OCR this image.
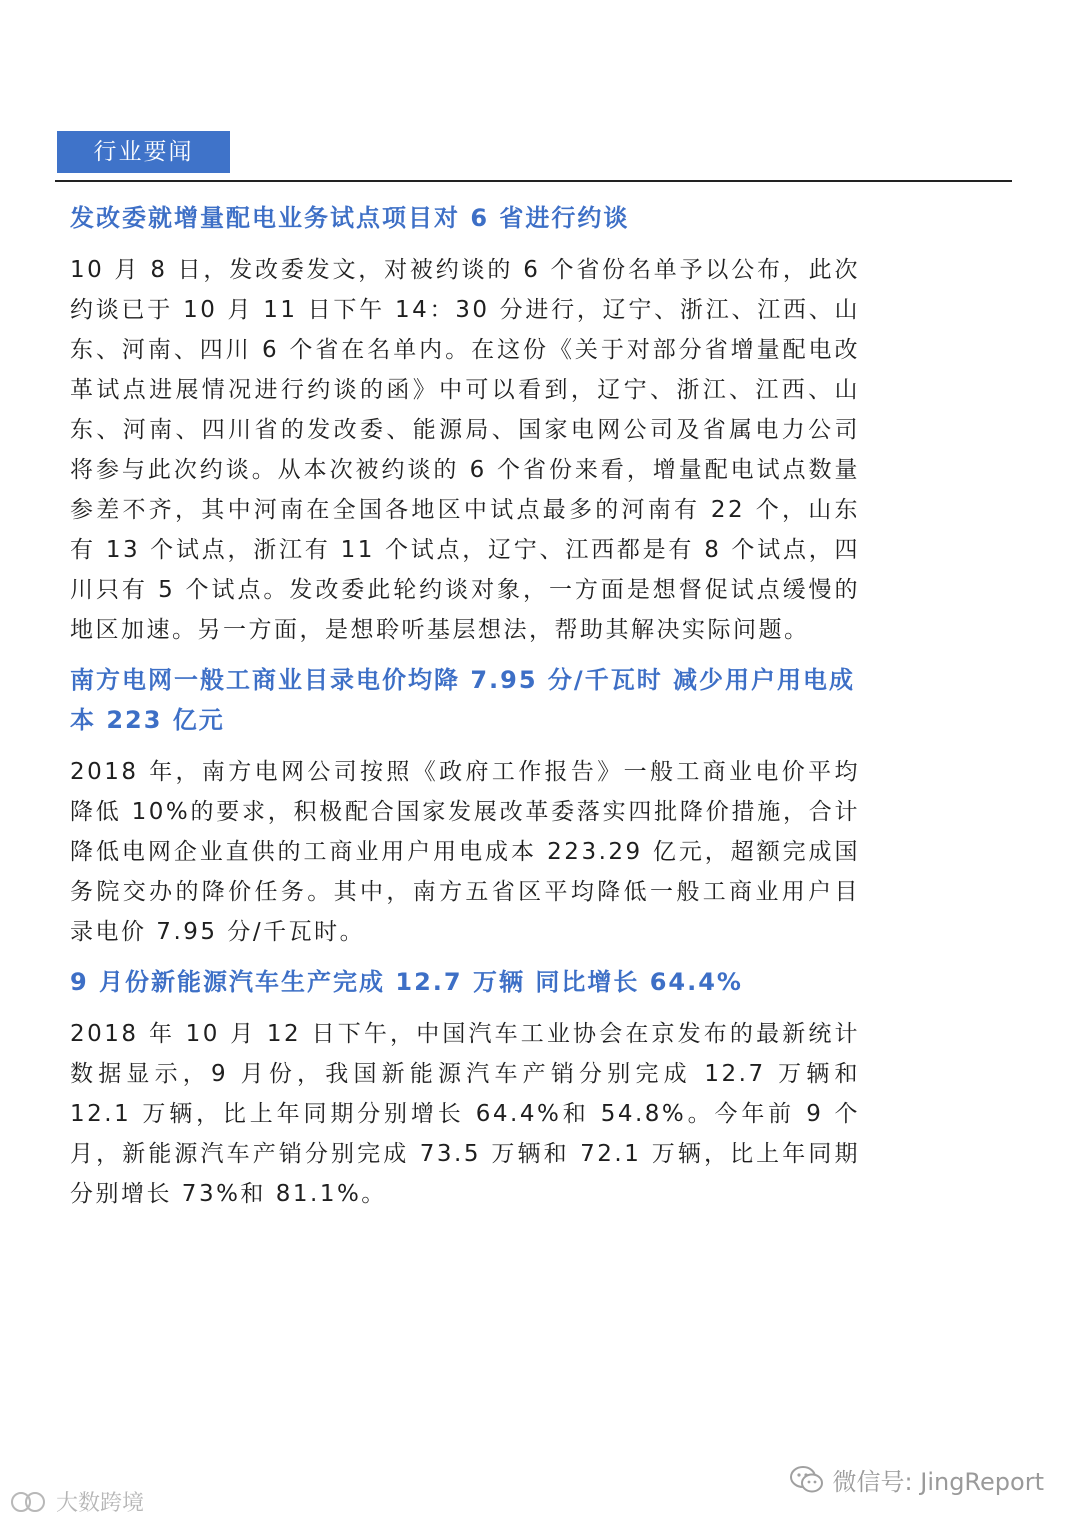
行业要闻
发改委就增量配电业务试点项目对 6 省进行约谈

10 月 8 日，发改委发文，对被约谈的 6 个省份名单予以公布，此次约谈已于 10 月 11 日下午 14：30 分进行，辽宁、浙江、江西、山东、河南、四川 6 个省在名单内。在这份《关于对部分省增量配电改革试点进展情况进行约谈的函》中可以看到，辽宁、浙江、江西、山东、河南、四川省的发改委、能源局、国家电网公司及省属电力公司将参与此次约谈。从本次被约谈的 6 个省份来看，增量配电试点数量参差不齐，其中河南在全国各地区中试点最多的河南有 22 个，山东有 13 个试点，浙江有 11 个试点，辽宁、江西都是有 8 个试点，四川只有 5 个试点。发改委此轮约谈对象，一方面是想督促试点缓慢的地区加速。另一方面，是想聆听基层想法，帮助其解决实际问题。

南方电网一般工商业目录电价均降 7.95 分/千瓦时 减少用户用电成本 223 亿元

2018 年，南方电网公司按照《政府工作报告》一般工商业电价平均降低 10%的要求，积极配合国家发展改革委落实四批降价措施，合计降低电网企业直供的工商业用户用电成本 223.29 亿元，超额完成国务院交办的降价任务。其中，南方五省区平均降低一般工商业用户目录电价 7.95 分/千瓦时。

9 月份新能源汽车生产完成 12.7 万辆 同比增长 64.4%

2018 年 10 月 12 日下午，中国汽车工业协会在京发布的最新统计数据显示，9 月份，我国新能源汽车产销分别完成 12.7 万辆和 12.1 万辆，比上年同期分别增长 64.4%和 54.8%。今年前 9 个月，新能源汽车产销分别完成 73.5 万辆和 72.1 万辆，比上年同期分别增长 73%和 81.1%。

微信号: JingReport
大数跨境
